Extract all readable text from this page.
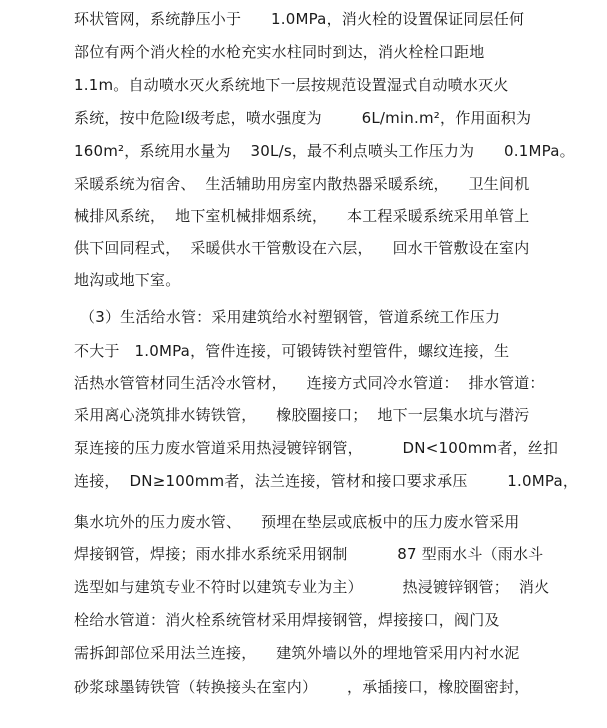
环状管网，系统静压小于      1.0MPa，消火栓的设置保证同层任何
部位有两个消火栓的水枪充实水柱同时到达，消火栓栓口距地
1.1m。自动喷水灭火系统地下一层按规范设置湿式自动喷水灭火
系统，按中危险Ⅰ级考虑，喷水强度为        6L/min.m²，作用面积为
160m²，系统用水量为    30L/s，最不利点喷头工作压力为      0.1MPa。
采暖系统为宿舍、  生活辅助用房室内散热器采暖系统，    卫生间机
械排风系统，  地下室机械排烟系统，    本工程采暖系统采用单管上
供下回同程式，  采暖供水干管敷设在六层，    回水干管敷设在室内
地沟或地下室。
（3）生活给水管：采用建筑给水衬塑钢管，管道系统工作压力
不大于   1.0MPa，管件连接，可锻铸铁衬塑管件，螺纹连接，生
活热水管管材同生活冷水管材，    连接方式同冷水管道：  排水管道：
采用离心浇筑排水铸铁管，    橡胶圈接口；  地下一层集水坑与潜污
泵连接的压力废水管道采用热浸镀锌钢管，        DN<100mm者，丝扣
连接，  DN≥100mm者，法兰连接，管材和接口要求承压        1.0MPa，
集水坑外的压力废水管、    预埋在垫层或底板中的压力废水管采用
焊接钢管，焊接；雨水排水系统采用钢制          87 型雨水斗（雨水斗
选型如与建筑专业不符时以建筑专业为主）        热浸镀锌钢管；  消火
栓给水管道：消火栓系统管材采用焊接钢管，焊接接口，阀门及
需拆卸部位采用法兰连接，    建筑外墙以外的埋地管采用内衬水泥
砂浆球墨铸铁管（转换接头在室内）      ，承插接口，橡胶圈密封，
